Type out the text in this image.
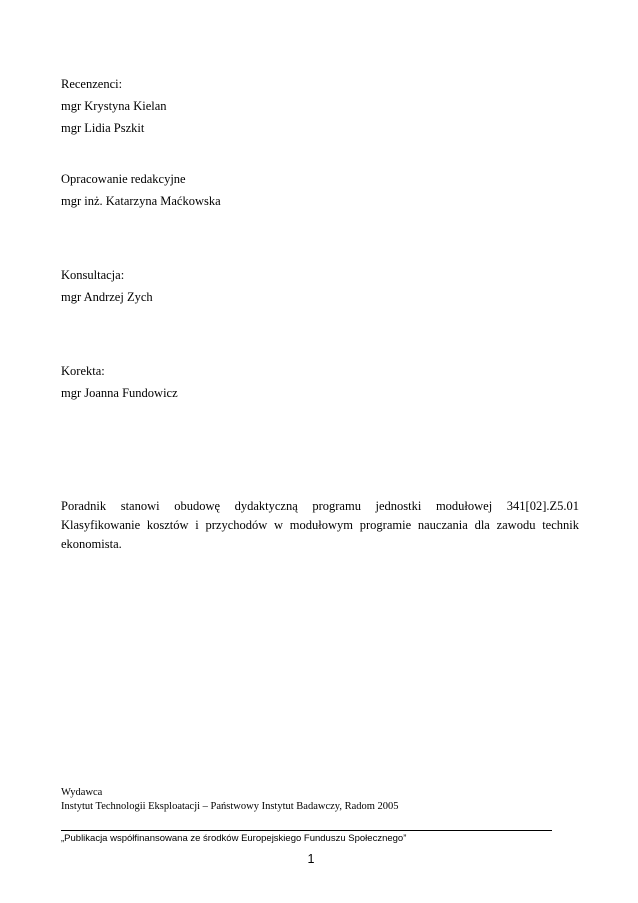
Recenzenci:
mgr Krystyna Kielan
mgr Lidia Pszkit
Opracowanie redakcyjne
mgr inż. Katarzyna Maćkowska
Konsultacja:
mgr Andrzej Zych
Korekta:
mgr Joanna Fundowicz
Poradnik stanowi obudowę dydaktyczną programu jednostki modułowej 341[02].Z5.01 Klasyfikowanie kosztów i przychodów w modułowym programie nauczania dla zawodu technik ekonomista.
Wydawca
Instytut Technologii Eksploatacji – Państwowy Instytut Badawczy, Radom 2005
„Publikacja współfinansowana ze środków Europejskiego Funduszu Społecznego”
1
